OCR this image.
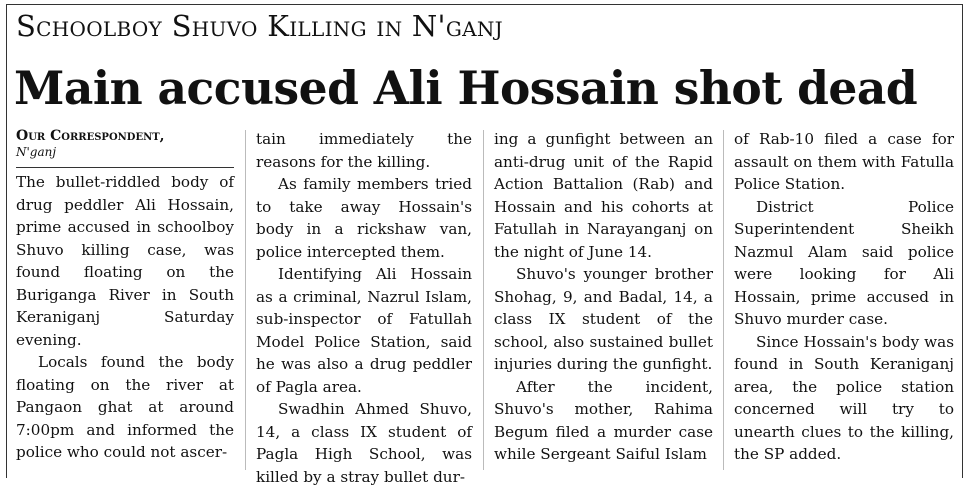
Schoolboy Shuvo Killing in N'ganj
Main accused Ali Hossain shot dead
Our Correspondent,
N'ganj

The bullet-riddled body of drug peddler Ali Hossain, prime accused in schoolboy Shuvo killing case, was found floating on the Buriganga River in South Keraniganj Saturday evening.

Locals found the body floating on the river at Pangaon ghat at around 7:00pm and informed the police who could not ascer-

tain immediately the reasons for the killing.

As family members tried to take away Hossain's body in a rickshaw van, police intercepted them.

Identifying Ali Hossain as a criminal, Nazrul Islam, sub-inspector of Fatullah Model Police Station, said he was also a drug peddler of Pagla area.

Swadhin Ahmed Shuvo, 14, a class IX student of Pagla High School, was killed by a stray bullet dur-

ing a gunfight between an anti-drug unit of the Rapid Action Battalion (Rab) and Hossain and his cohorts at Fatullah in Narayanganj on the night of June 14.

Shuvo's younger brother Shohag, 9, and Badal, 14, a class IX student of the school, also sustained bullet injuries during the gunfight.

After the incident, Shuvo's mother, Rahima Begum filed a murder case while Sergeant Saiful Islam

of Rab-10 filed a case for assault on them with Fatulla Police Station.

District Police Superintendent Sheikh Nazmul Alam said police were looking for Ali Hossain, prime accused in Shuvo murder case.

Since Hossain's body was found in South Keraniganj area, the police station concerned will try to unearth clues to the killing, the SP added.
